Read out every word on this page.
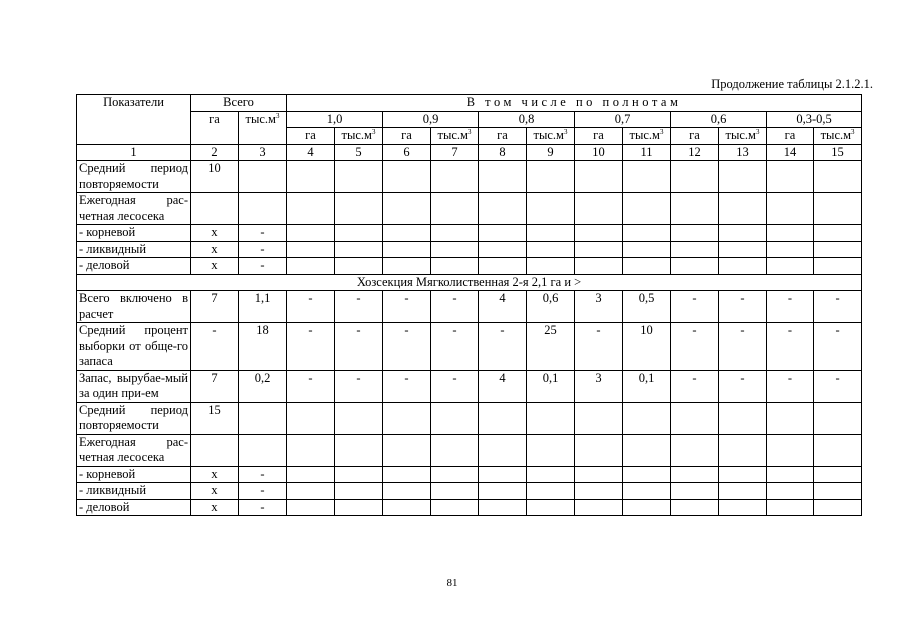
Продолжение таблицы 2.1.2.1.
Показатели	Всего		В том числе по полнотам											
	га	$тыс.м^3$	1,0		0,9		0,8		0,7		0,6		0,3-0,5	
			га	$тыс.м^3$	га	$тыс.м^3$	га	$тыс.м^3$	га	$тыс.м^3$	га	$тыс.м^3$	га	$тыс.м^3$
1	2	3	4	5	6	7	8	9	10	11	12	13	14	15
Средний период повторяемости	10													
Ежегодная рас-четная лесосека														
- корневой	x	-												
- ликвидный	x	-												
- деловой	x	-												
Хозсекция Мягколиственная 2-я 2,1 га и >														
Всего включено в расчет	7	1,1	-	-	-	-	4	0,6	3	0,5	-	-	-	-
Средний процент выборки от обще-го запаса	-	18	-	-	-	-	-	25	-	10	-	-	-	-
Запас, вырубае-мый за один при-ем	7	0,2	-	-	-	-	4	0,1	3	0,1	-	-	-	-
Средний период повторяемости	15													
Ежегодная рас-четная лесосека														
- корневой	x	-												
- ликвидный	x	-												
- деловой	x	-												
81
